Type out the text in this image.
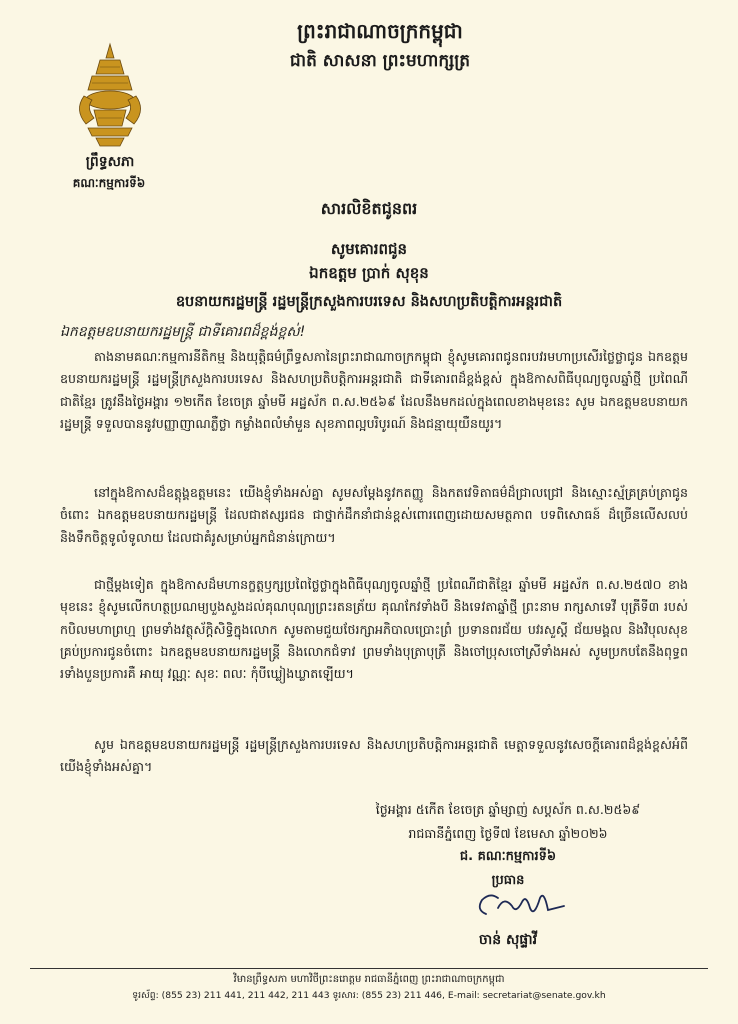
ព្រះរាជាណាចក្រកម្ពុជា
ជាតិ សាសនា ព្រះមហាក្សត្រ
ព្រឹទ្ធសភា
គណៈកម្មការទី៦
សារលិខិតជូនពរ
សូមគោរពជូន
ឯកឧត្តម ប្រាក់ សុខុន
ឧបនាយករដ្ឋមន្ត្រី រដ្ឋមន្ត្រីក្រសួងការបរទេស និងសហប្រតិបត្តិការអន្តរជាតិ
ឯកឧត្តមឧបនាយករដ្ឋមន្ត្រី ជាទីគោរពដ៏ខ្ពង់ខ្ពស់!
តាងនាមគណៈកម្មការនីតិកម្ម និងយុត្តិធម៌ព្រឹទ្ធសភានៃព្រះរាជាណាចក្រកម្ពុជា ខ្ញុំសូមគោរពជូនពរបវរមហាប្រសើរថ្លៃថ្លាជូន ឯកឧត្តមឧបនាយករដ្ឋមន្ត្រី រដ្ឋមន្ត្រីក្រសួងការបរទេស និងសហប្រតិបត្តិការអន្តរជាតិ ជាទីគោរពដ៏ខ្ពង់ខ្ពស់ ក្នុងឱកាសពិធីបុណ្យចូលឆ្នាំថ្មី ប្រពៃណីជាតិខ្មែរ ត្រូវនឹងថ្ងៃអង្គារ ១២កើត ខែចេត្រ ឆ្នាំមមី អដ្ឋស័ក ព.ស.២៥៦៩ ដែលនឹងមកដល់ក្នុងពេលខាងមុខនេះ សូម ឯកឧត្តមឧបនាយករដ្ឋមន្ត្រី ទទួលបាននូវបញ្ញាញាណភ្លឺថ្លា កម្លាំងពលំមាំមួន សុខភាពល្អបរិបូរណ៍ និងជន្មាយុយឺនយូរ។
នៅក្នុងឱកាសដ៏ឧត្តុង្គឧត្តមនេះ យើងខ្ញុំទាំងអស់គ្នា សូមសម្តែងនូវកតញ្ញូ និងកតវេទិតាធម៌ដ៏ជ្រាលជ្រៅ និងស្មោះស្ម័គ្រគ្រប់ត្រាជូនចំពោះ ឯកឧត្តមឧបនាយករដ្ឋមន្ត្រី ដែលជាឥស្សរជន ជាថ្នាក់ដឹកនាំជាន់ខ្ពស់ពោរពេញដោយសមត្ថភាព បទពិសោធន៍ ដ៏ច្រើនលើសលប់ និងទឹកចិត្តទូលំទូលាយ ដែលជាគំរូសម្រាប់អ្នកជំនាន់ក្រោយ។
ជាថ្មីម្តងទៀត ក្នុងឱកាសដ៏មហានក្ខត្តឫក្សប្រពៃថ្លៃថ្លាក្នុងពិធីបុណ្យចូលឆ្នាំថ្មី ប្រពៃណីជាតិខ្មែរ ឆ្នាំមមី អដ្ឋស័ក ព.ស.២៥៧០ ខាងមុខនេះ ខ្ញុំសូមលើកហត្ថប្រណម្យបួងសួងដល់គុណបុណ្យព្រះរតនត្រ័យ គុណកែវទាំងបី និងទេវតាឆ្នាំថ្មី ព្រះនាម រាក្សសាទេវី បុត្រីទី៣ របស់កបិលមហាព្រហ្ម ព្រមទាំងវត្ថុស័ក្តិសិទ្ធិក្នុងលោក សូមតាមជួយថែរក្សាអភិបាលប្រោះព្រំ ប្រទានពរជ័យ បវរសួស្តី ជ័យមង្គល និងវិបុលសុខគ្រប់ប្រការជូនចំពោះ ឯកឧត្តមឧបនាយករដ្ឋមន្ត្រី និងលោកជំទាវ ព្រមទាំងបុត្រាបុត្រី និងចៅប្រុសចៅស្រីទាំងអស់ សូមប្រកបតែនឹងពុទ្ធពរទាំងបួនប្រការគឺ អាយុ វណ្ណៈ សុខៈ ពលៈ កុំបីឃ្លៀងឃ្លាតឡើយ។
សូម ឯកឧត្តមឧបនាយករដ្ឋមន្ត្រី រដ្ឋមន្ត្រីក្រសួងការបរទេស និងសហប្រតិបត្តិការអន្តរជាតិ មេត្តាទទួលនូវសេចក្តីគោរពដ៏ខ្ពង់ខ្ពស់អំពីយើងខ្ញុំទាំងអស់គ្នា។
ថ្ងៃអង្គារ ៥កើត ខែចេត្រ ឆ្នាំម្សាញ់ សប្តស័ក ព.ស.២៥៦៩
រាជធានីភ្នំពេញ ថ្ងៃទី៧ ខែមេសា ឆ្នាំ២០២៦
ជ. គណៈកម្មការទី៦
ប្រធាន
ចាន់ សុផ្ទាវី
វិមានព្រឹទ្ធសភា មហាវិថីព្រះនរោត្តម រាជធានីភ្នំពេញ ព្រះរាជាណាចក្រកម្ពុជា
ទូរស័ព្ទ: (855 23) 211 441, 211 442, 211 443 ទូរសារ: (855 23) 211 446, E-mail: secretariat@senate.gov.kh
